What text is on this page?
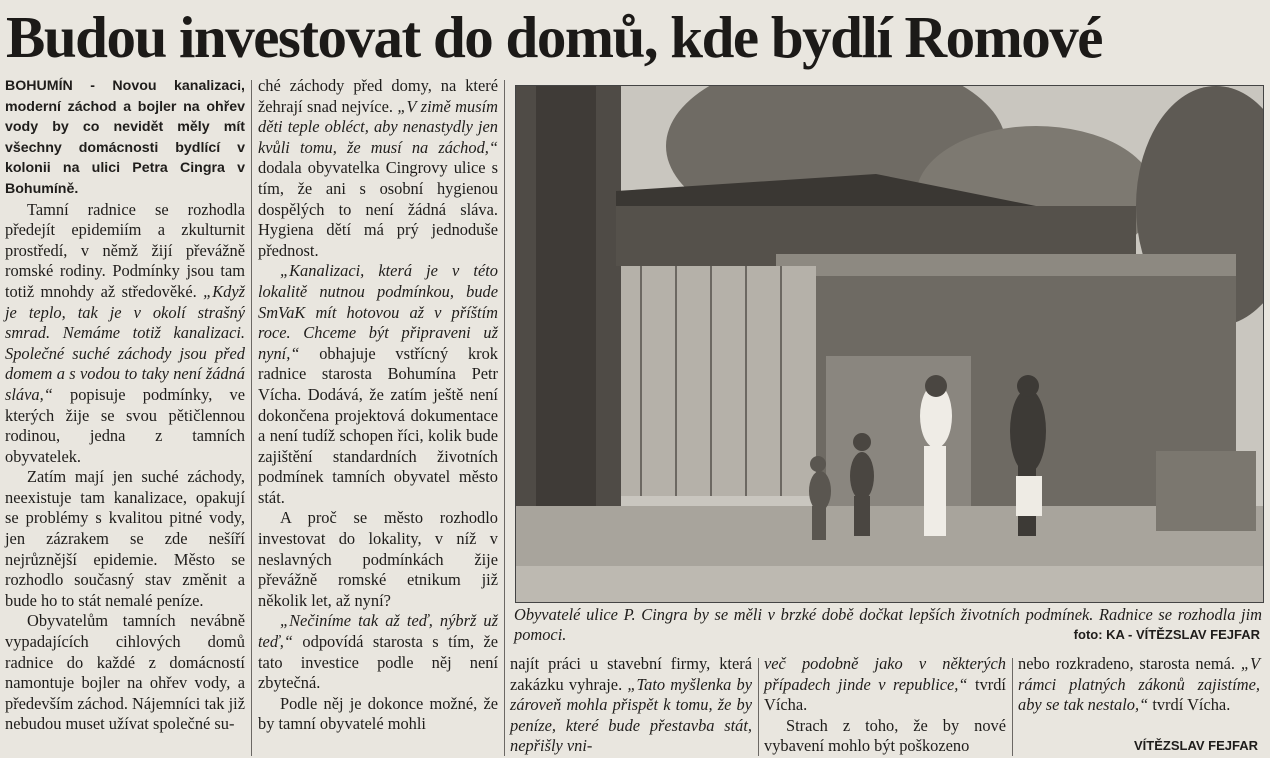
Budou investovat do domů, kde bydlí Romové

BOHUMÍN - Novou kanalizaci, moderní záchod a bojler na ohřev vody by co nevidět měly mít všechny domácnosti bydlící v kolonii na ulici Petra Cingra v Bohumíně.

Tamní radnice se rozhodla předejít epidemiím a zkulturnit prostředí, v němž žijí převážně romské rodiny. Podmínky jsou tam totiž mnohdy až středověké. „Když je teplo, tak je v okolí strašný smrad. Nemáme totiž kanalizaci. Společné suché záchody jsou před domem a s vodou to taky není žádná sláva,“ popisuje podmínky, ve kterých žije se svou pětičlennou rodinou, jedna z tamních obyvatelek.

Zatím mají jen suché záchody, neexistuje tam kanalizace, opakují se problémy s kvalitou pitné vody, jen zázrakem se zde nešíří nejrůznější epidemie. Město se rozhodlo současný stav změnit a bude ho to stát nemalé peníze.

Obyvatelům tamních nevábně vypadajících cihlových domů radnice do každé z domácností namontuje bojler na ohřev vody, a především záchod. Nájemníci tak již nebudou muset užívat společné su-

ché záchody před domy, na které žehrají snad nejvíce. „V zimě musím děti teple obléct, aby nenastydly jen kvůli tomu, že musí na záchod,“ dodala obyvatelka Cingrovy ulice s tím, že ani s osobní hygienou dospělých to není žádná sláva. Hygiena dětí má prý jednoduše přednost.

„Kanalizaci, která je v této lokalitě nutnou podmínkou, bude SmVaK mít hotovou až v příštím roce. Chceme být připraveni už nyní,“ obhajuje vstřícný krok radnice starosta Bohumína Petr Vícha. Dodává, že zatím ještě není dokončena projektová dokumentace a není tudíž schopen říci, kolik bude zajištění standardních životních podmínek tamních obyvatel město stát.

A proč se město rozhodlo investovat do lokality, v níž v neslavných podmínkách žije převážně romské etnikum již několik let, až nyní?

„Nečiníme tak až teď, nýbrž už teď,“ odpovídá starosta s tím, že tato investice podle něj není zbytečná.

Podle něj je dokonce možné, že by tamní obyvatelé mohli

Obyvatelé ulice P. Cingra by se měli v brzké době dočkat lepších životních podmínek. Radnice se rozhodla jim pomoci.	foto: KA - VÍTĚZSLAV FEJFAR

najít práci u stavební firmy, která zakázku vyhraje. „Tato myšlenka by zároveň mohla přispět k tomu, že by peníze, které bude přestavba stát, nepřišly vni-

več podobně jako v některých případech jinde v republice,“ tvrdí Vícha.

Strach z toho, že by nové vybavení mohlo být poškozeno

nebo rozkradeno, starosta nemá. „V rámci platných zákonů zajistíme, aby se tak nestalo,“ tvrdí Vícha.

VÍTĚZSLAV FEJFAR
